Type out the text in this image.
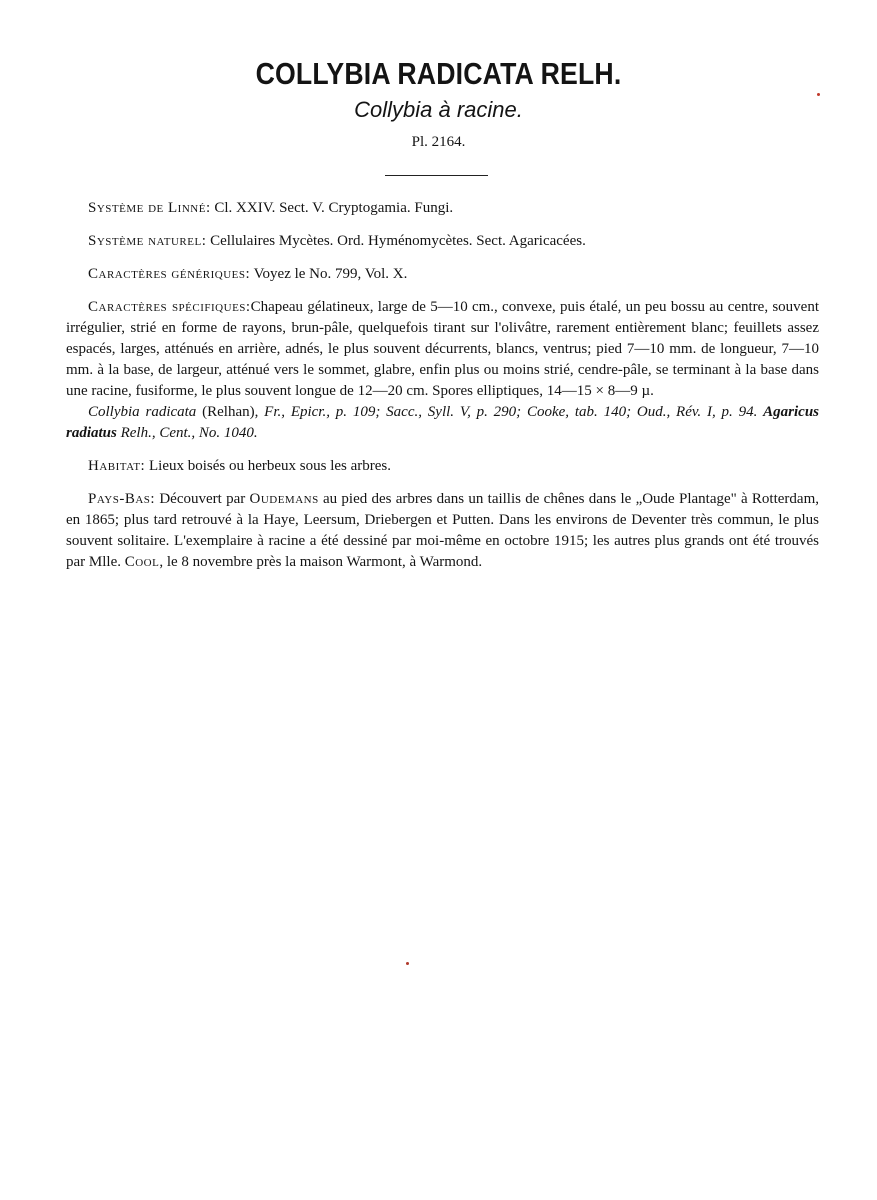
COLLYBIA RADICATA RELH.
Collybia à racine.
Pl. 2164.

Système de Linné: Cl. XXIV. Sect. V. Cryptogamia. Fungi.

Système naturel: Cellulaires Mycètes. Ord. Hyménomycètes. Sect. Agaricacées.

Caractères génériques: Voyez le No. 799, Vol. X.

Caractères spécifiques:Chapeau gélatineux, large de 5—10 cm., convexe, puis étalé, un peu bossu au centre, souvent irrégulier, strié en forme de rayons, brun-pâle, quelquefois tirant sur l'olivâtre, rarement entièrement blanc; feuillets assez espacés, larges, atténués en arrière, adnés, le plus souvent décurrents, blancs, ventrus; pied 7—10 mm. de longueur, 7—10 mm. à la base, de largeur, atténué vers le sommet, glabre, enfin plus ou moins strié, cendre-pâle, se terminant à la base dans une racine, fusiforme, le plus souvent longue de 12—20 cm. Spores elliptiques, 14—15 × 8—9 µ.

Collybia radicata (Relhan), Fr., Epicr., p. 109; Sacc., Syll. V, p. 290; Cooke, tab. 140; Oud., Rév. I, p. 94. Agaricus radiatus Relh., Cent., No. 1040.

Habitat: Lieux boisés ou herbeux sous les arbres.

Pays-Bas: Découvert par Oudemans au pied des arbres dans un taillis de chênes dans le „Oude Plantage" à Rotterdam, en 1865; plus tard retrouvé à la Haye, Leersum, Driebergen et Putten. Dans les environs de Deventer très commun, le plus souvent solitaire. L'exemplaire à racine a été dessiné par moi-même en octobre 1915; les autres plus grands ont été trouvés par Mlle. Cool, le 8 novembre près la maison Warmont, à Warmond.
